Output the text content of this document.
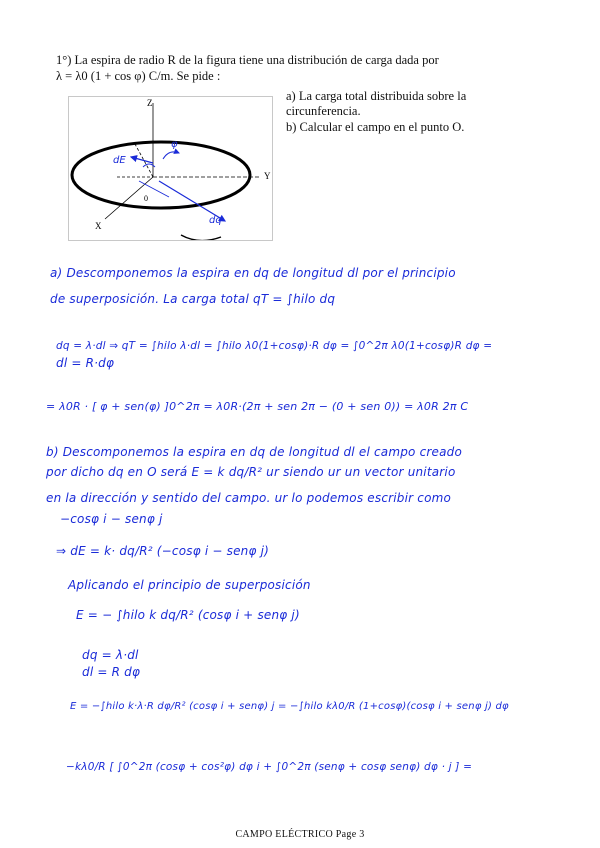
1°) La espira de radio R de la figura tiene una distribución de carga dada por
λ = λ0 (1 + cos φ) C/m. Se pide :
Z
Y
X
0
dE
φ
dq
a) La carga total distribuida sobre la circunferencia.
b) Calcular el campo en el punto O.
a) Descomponemos la espira en dq de longitud dl por el principio
de superposición. La carga total qT = ∫hilo dq
dq = λ·dl ⇒ qT = ∫hilo λ·dl = ∫hilo λ0(1+cosφ)·R dφ = ∫0^2π λ0(1+cosφ)R dφ =
dl = R·dφ
= λ0R · [ φ + sen(φ) ]0^2π = λ0R·(2π + sen 2π − (0 + sen 0)) = λ0R 2π C
b) Descomponemos la espira en dq de longitud dl el campo creado
por dicho dq en O será E = k dq/R² ur siendo ur un vector unitario
en la dirección y sentido del campo. ur lo podemos escribir como
−cosφ i − senφ j
⇒ dE = k· dq/R² (−cosφ i − senφ j)
Aplicando el principio de superposición
E = − ∫hilo k dq/R² (cosφ i + senφ j)
dq = λ·dl
dl = R dφ
E = −∫hilo k·λ·R dφ/R² (cosφ i + senφ) j = −∫hilo kλ0/R (1+cosφ)(cosφ i + senφ j) dφ
−kλ0/R [ ∫0^2π (cosφ + cos²φ) dφ i + ∫0^2π (senφ + cosφ senφ) dφ · j ] =
CAMPO ELÉCTRICO Page 3
